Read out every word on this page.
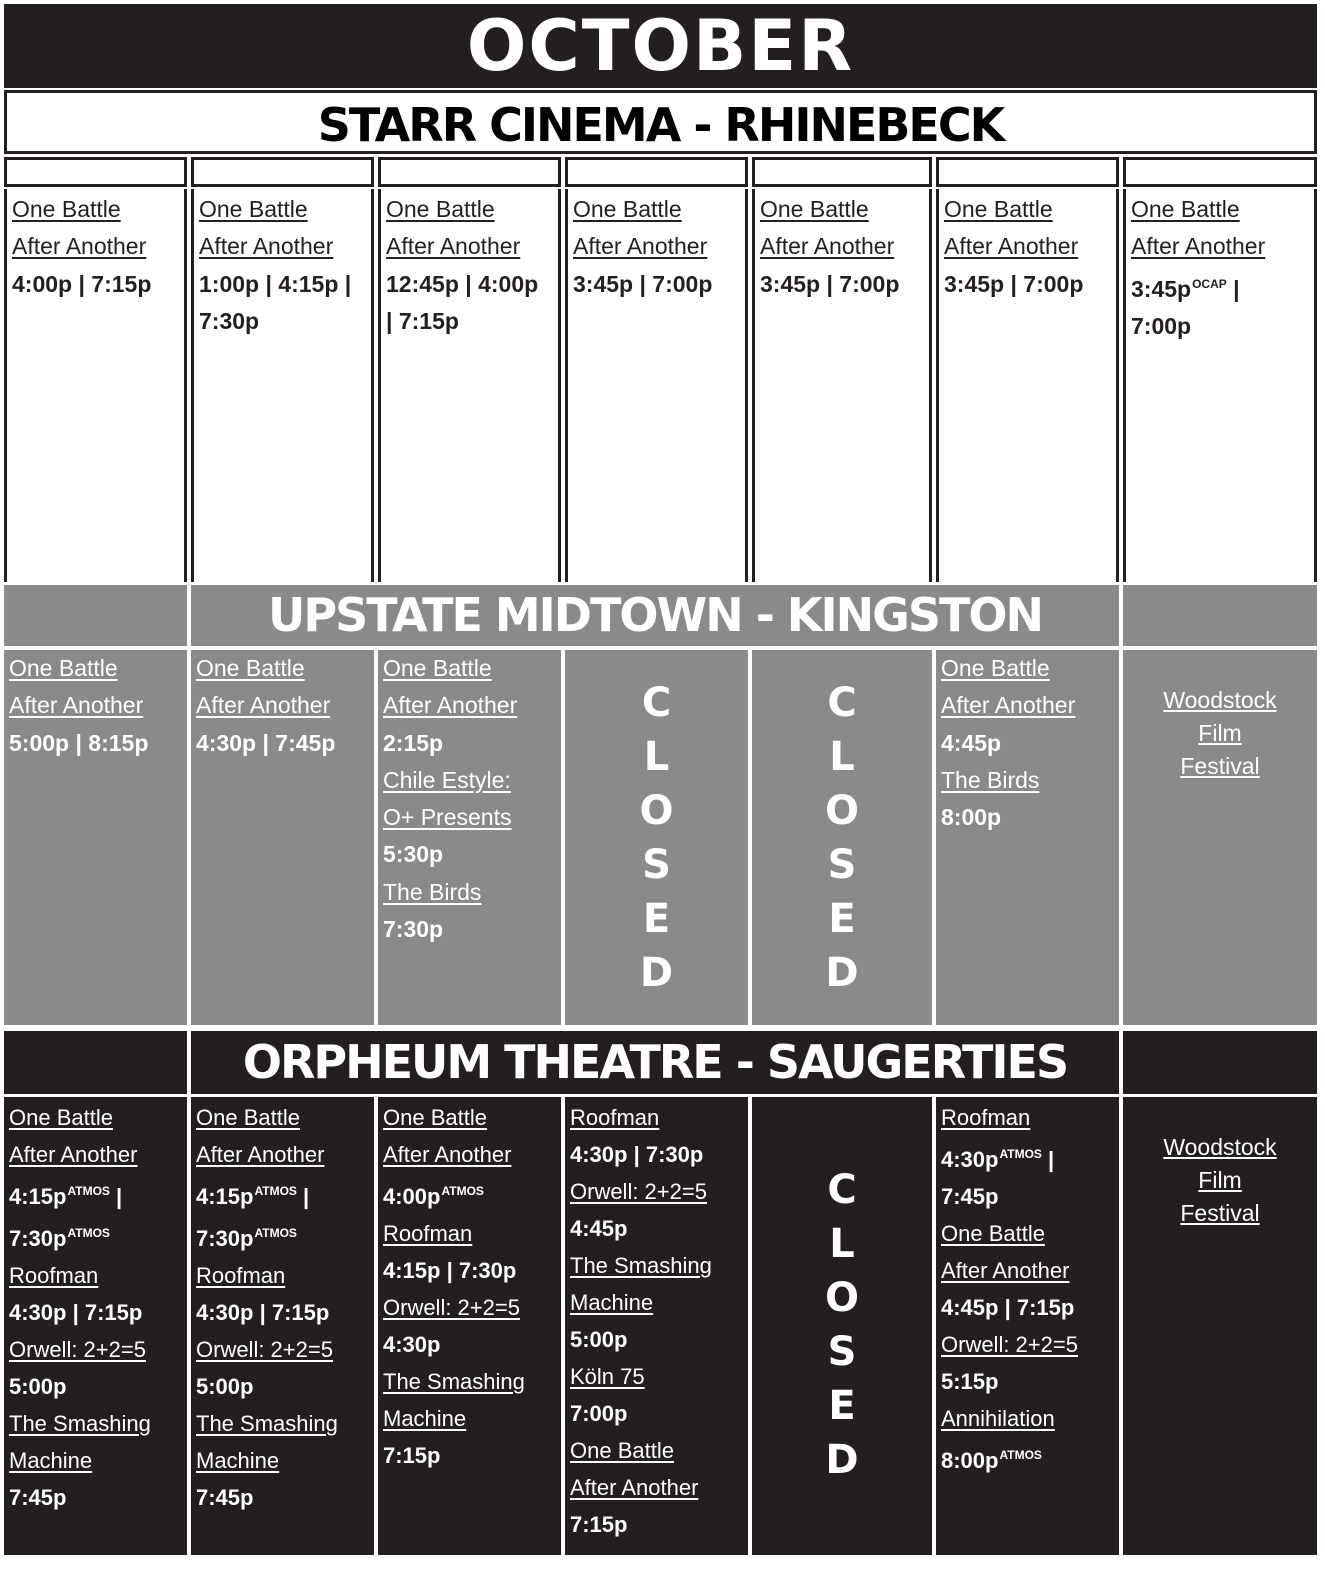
OCTOBER
STARR CINEMA - RHINEBECK
One Battle
After Another
4:00p | 7:15p
One Battle
After Another
1:00p | 4:15p |
7:30p
One Battle
After Another
12:45p | 4:00p
| 7:15p
One Battle
After Another
3:45p | 7:00p
One Battle
After Another
3:45p | 7:00p
One Battle
After Another
3:45p | 7:00p
One Battle
After Another
$3:45p^{OCAP}$ |
7:00p
UPSTATE MIDTOWN - KINGSTON
One Battle
After Another
5:00p | 8:15p
One Battle
After Another
4:30p | 7:45p
One Battle
After Another
2:15p
Chile Estyle:
O+ Presents
5:30p
The Birds
7:30p
C
L
O
S
E
D
C
L
O
S
E
D
One Battle
After Another
4:45p
The Birds
8:00p
Woodstock
Film
Festival
ORPHEUM THEATRE - SAUGERTIES
One Battle
After Another
$4:15p^{ATMOS}$ |
$7:30p^{ATMOS}$
Roofman
4:30p | 7:15p
Orwell: 2+2=5
5:00p
The Smashing
Machine
7:45p
One Battle
After Another
$4:15p^{ATMOS}$ |
$7:30p^{ATMOS}$
Roofman
4:30p | 7:15p
Orwell: 2+2=5
5:00p
The Smashing
Machine
7:45p
One Battle
After Another
$4:00p^{ATMOS}$
Roofman
4:15p | 7:30p
Orwell: 2+2=5
4:30p
The Smashing
Machine
7:15p
Roofman
4:30p | 7:30p
Orwell: 2+2=5
4:45p
The Smashing
Machine
5:00p
Köln 75
7:00p
One Battle
After Another
7:15p
C
L
O
S
E
D
Roofman
$4:30p^{ATMOS}$ |
7:45p
One Battle
After Another
4:45p | 7:15p
Orwell: 2+2=5
5:15p
Annihilation
$8:00p^{ATMOS}$
Woodstock
Film
Festival
